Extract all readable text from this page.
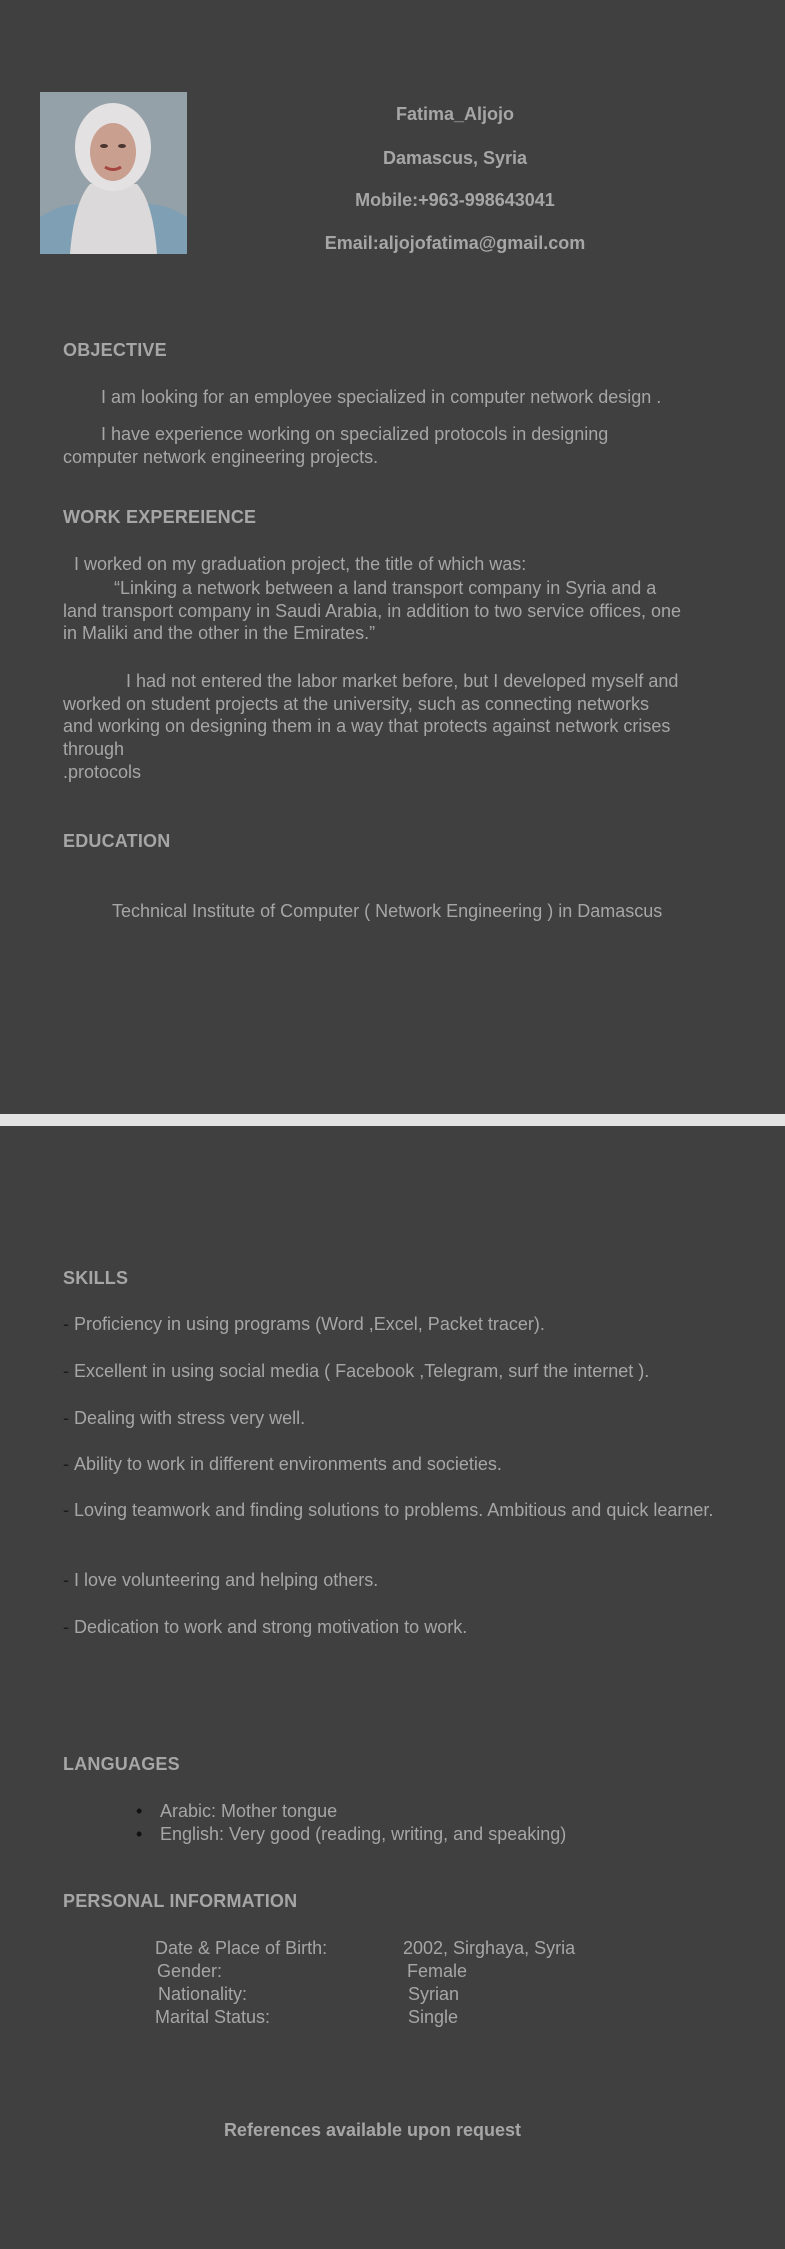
Fatima_Aljojo
Damascus, Syria
Mobile:+963-998643041
Email:aljojofatima@gmail.com
OBJECTIVE
I am looking for an employee specialized in computer network design .
I have experience working on specialized protocols in designing
computer network engineering projects.
WORK EXPEREIENCE
I worked on my graduation project, the title of which was:
“Linking a network between a land transport company in Syria and a
land transport company in Saudi Arabia, in addition to two service offices, one
in Maliki and the other in the Emirates.”
I had not entered the labor market before, but I developed myself and
worked on student projects at the university, such as connecting networks
and working on designing them in a way that protects against network crises
through
.protocols
EDUCATION
Technical Institute of Computer ( Network Engineering ) in Damascus
SKILLS
- Proficiency in using programs (Word ,Excel, Packet tracer).
- Excellent in using social media ( Facebook ,Telegram, surf the internet ).
- Dealing with stress very well.
- Ability to work in different environments and societies.
- Loving teamwork and finding solutions to problems. Ambitious and quick learner.
- I love volunteering and helping others.
- Dedication to work and strong motivation to work.
LANGUAGES
• Arabic: Mother tongue
• English: Very good (reading, writing, and speaking)
PERSONAL INFORMATION
Date & Place of Birth:	2002, Sirghaya, Syria
Gender:	Female
Nationality:	Syrian
Marital Status:	Single
References available upon request
